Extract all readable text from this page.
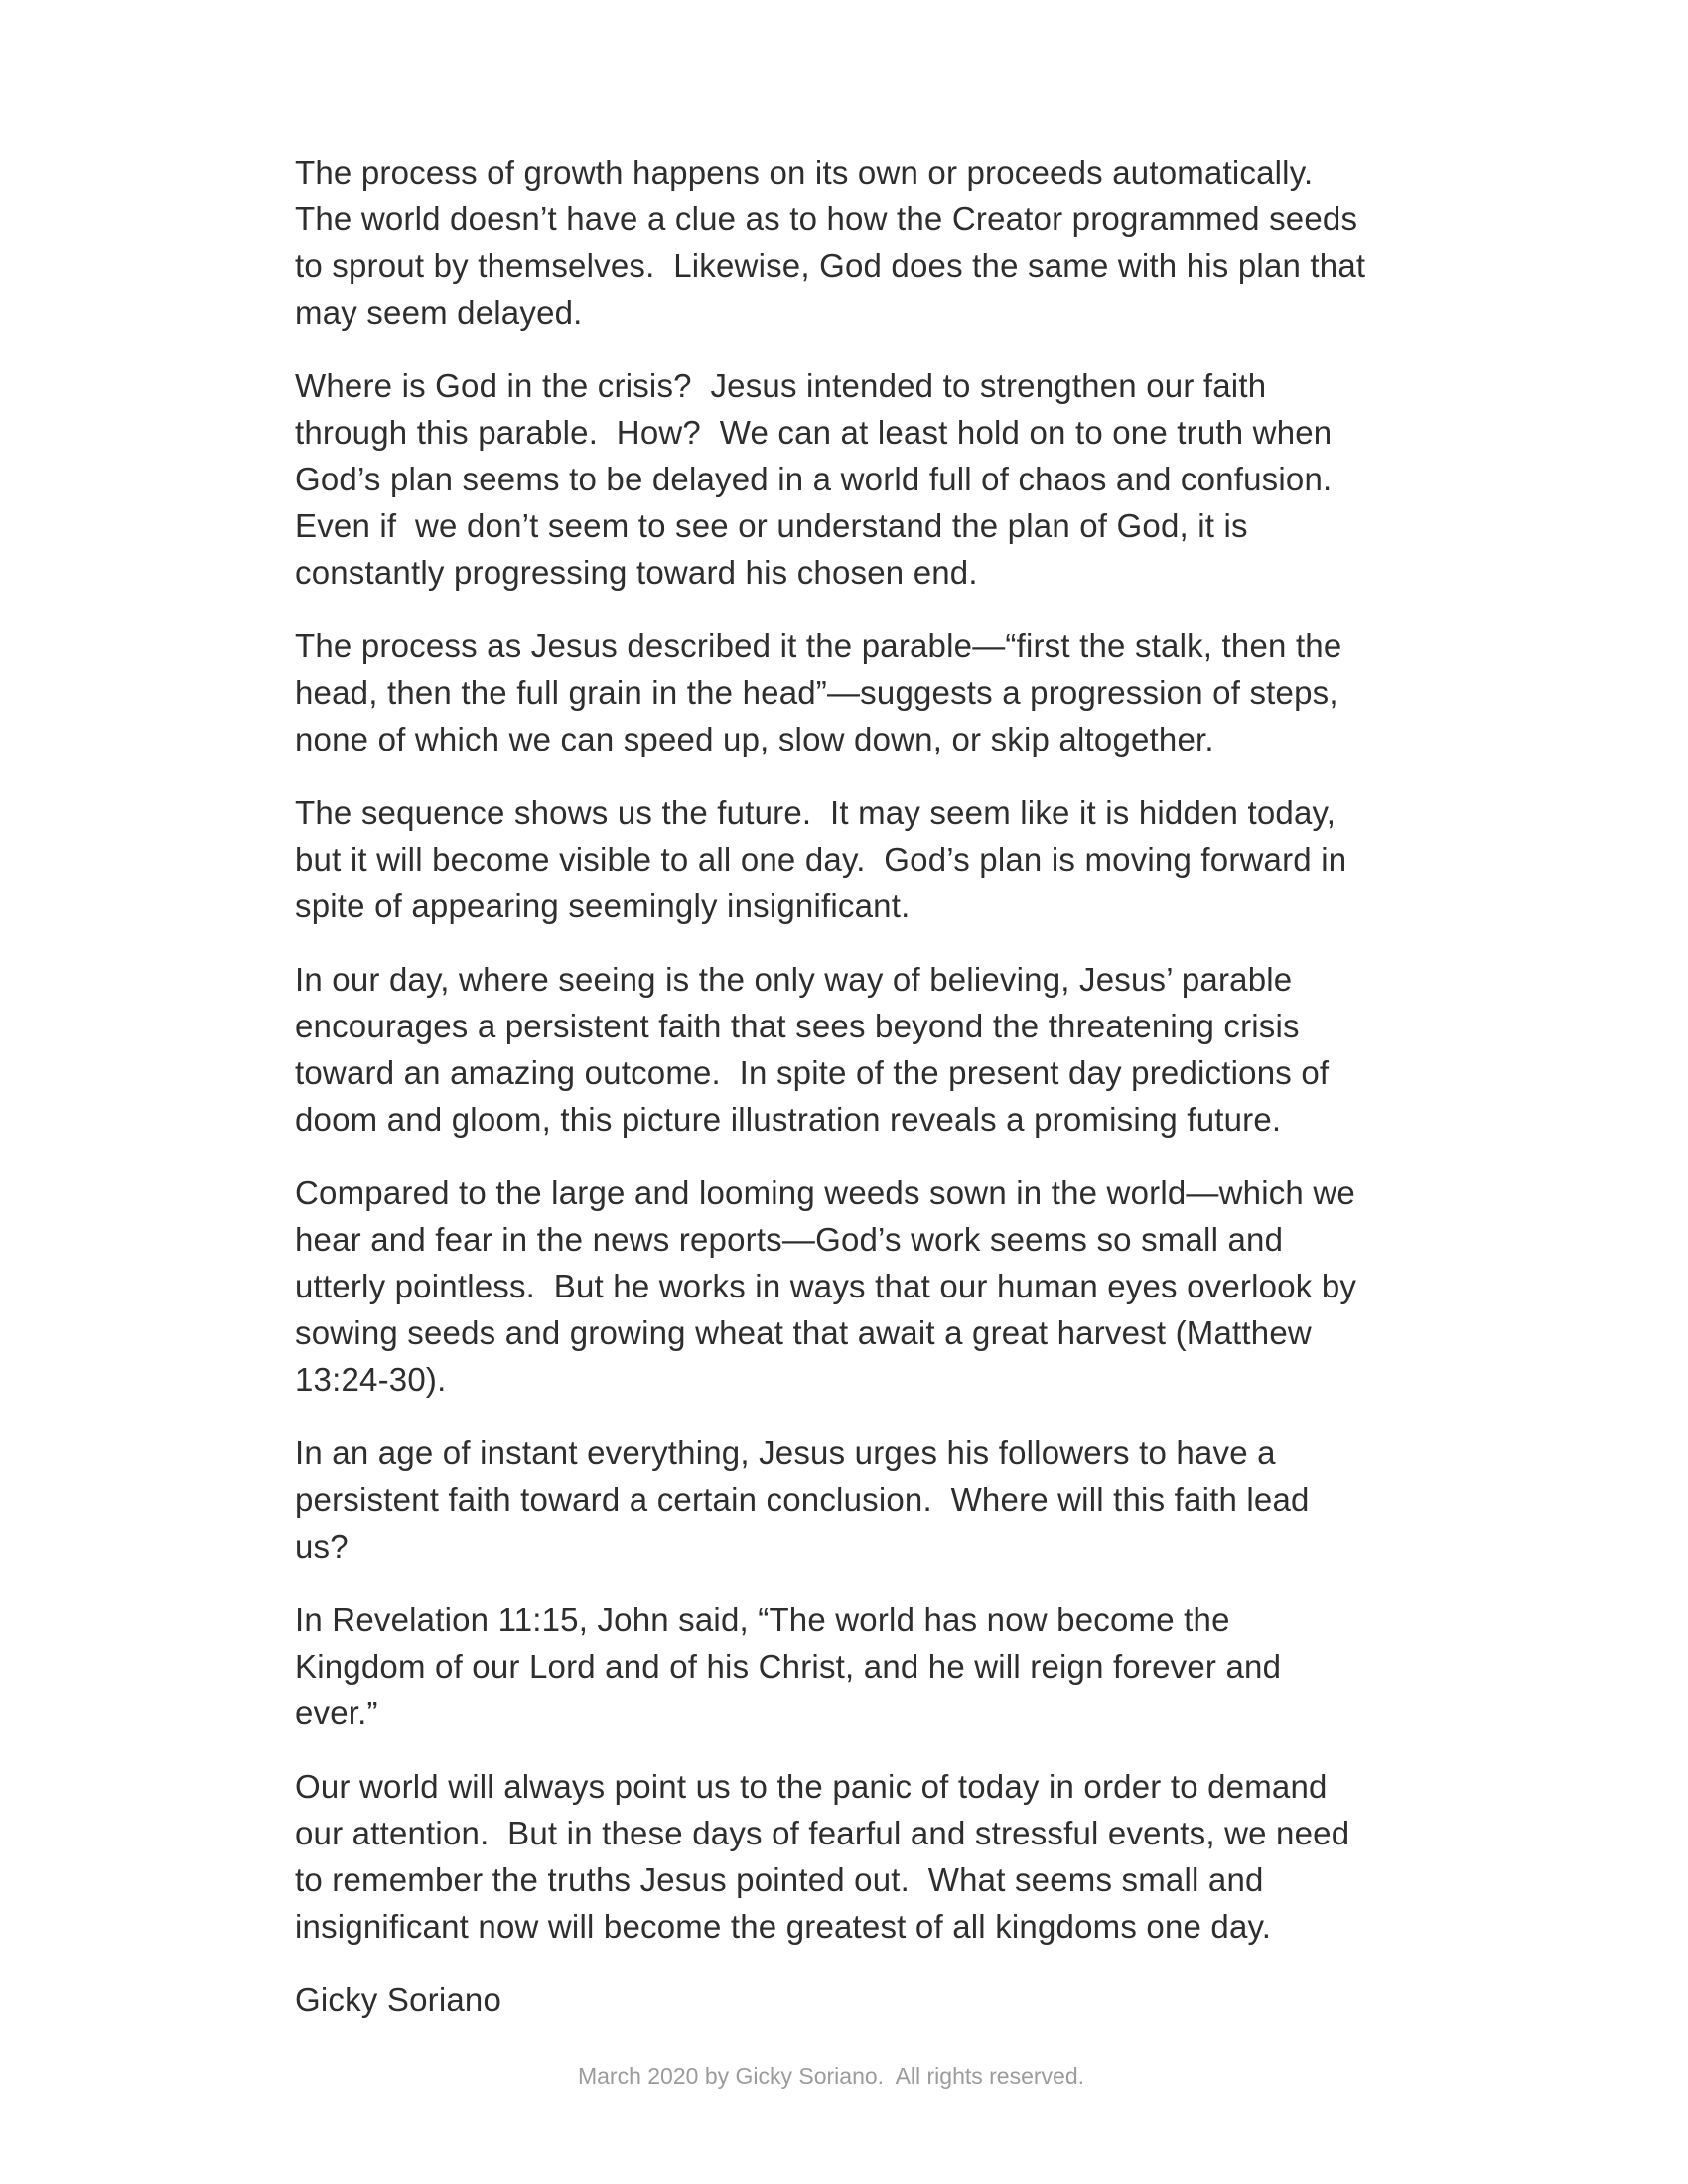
The process of growth happens on its own or proceeds automatically.  The world doesn’t have a clue as to how the Creator programmed seeds to sprout by themselves.  Likewise, God does the same with his plan that may seem delayed.

Where is God in the crisis?  Jesus intended to strengthen our faith through this parable.  How?  We can at least hold on to one truth when God’s plan seems to be delayed in a world full of chaos and confusion.  Even if  we don’t seem to see or understand the plan of God, it is constantly progressing toward his chosen end.

The process as Jesus described it the parable—“first the stalk, then the head, then the full grain in the head”—suggests a progression of steps, none of which we can speed up, slow down, or skip altogether.

The sequence shows us the future.  It may seem like it is hidden today, but it will become visible to all one day.  God’s plan is moving forward in spite of appearing seemingly insignificant.

In our day, where seeing is the only way of believing, Jesus’ parable encourages a persistent faith that sees beyond the threatening crisis toward an amazing outcome.  In spite of the present day predictions of doom and gloom, this picture illustration reveals a promising future.

Compared to the large and looming weeds sown in the world—which we hear and fear in the news reports—God’s work seems so small and utterly pointless.  But he works in ways that our human eyes overlook by sowing seeds and growing wheat that await a great harvest (Matthew 13:24-30).

In an age of instant everything, Jesus urges his followers to have a persistent faith toward a certain conclusion.  Where will this faith lead us?

In Revelation 11:15, John said, “The world has now become the Kingdom of our Lord and of his Christ, and he will reign forever and ever.”

Our world will always point us to the panic of today in order to demand our attention.  But in these days of fearful and stressful events, we need to remember the truths Jesus pointed out.  What seems small and insignificant now will become the greatest of all kingdoms one day.

Gicky Soriano

March 2020 by Gicky Soriano.  All rights reserved.
